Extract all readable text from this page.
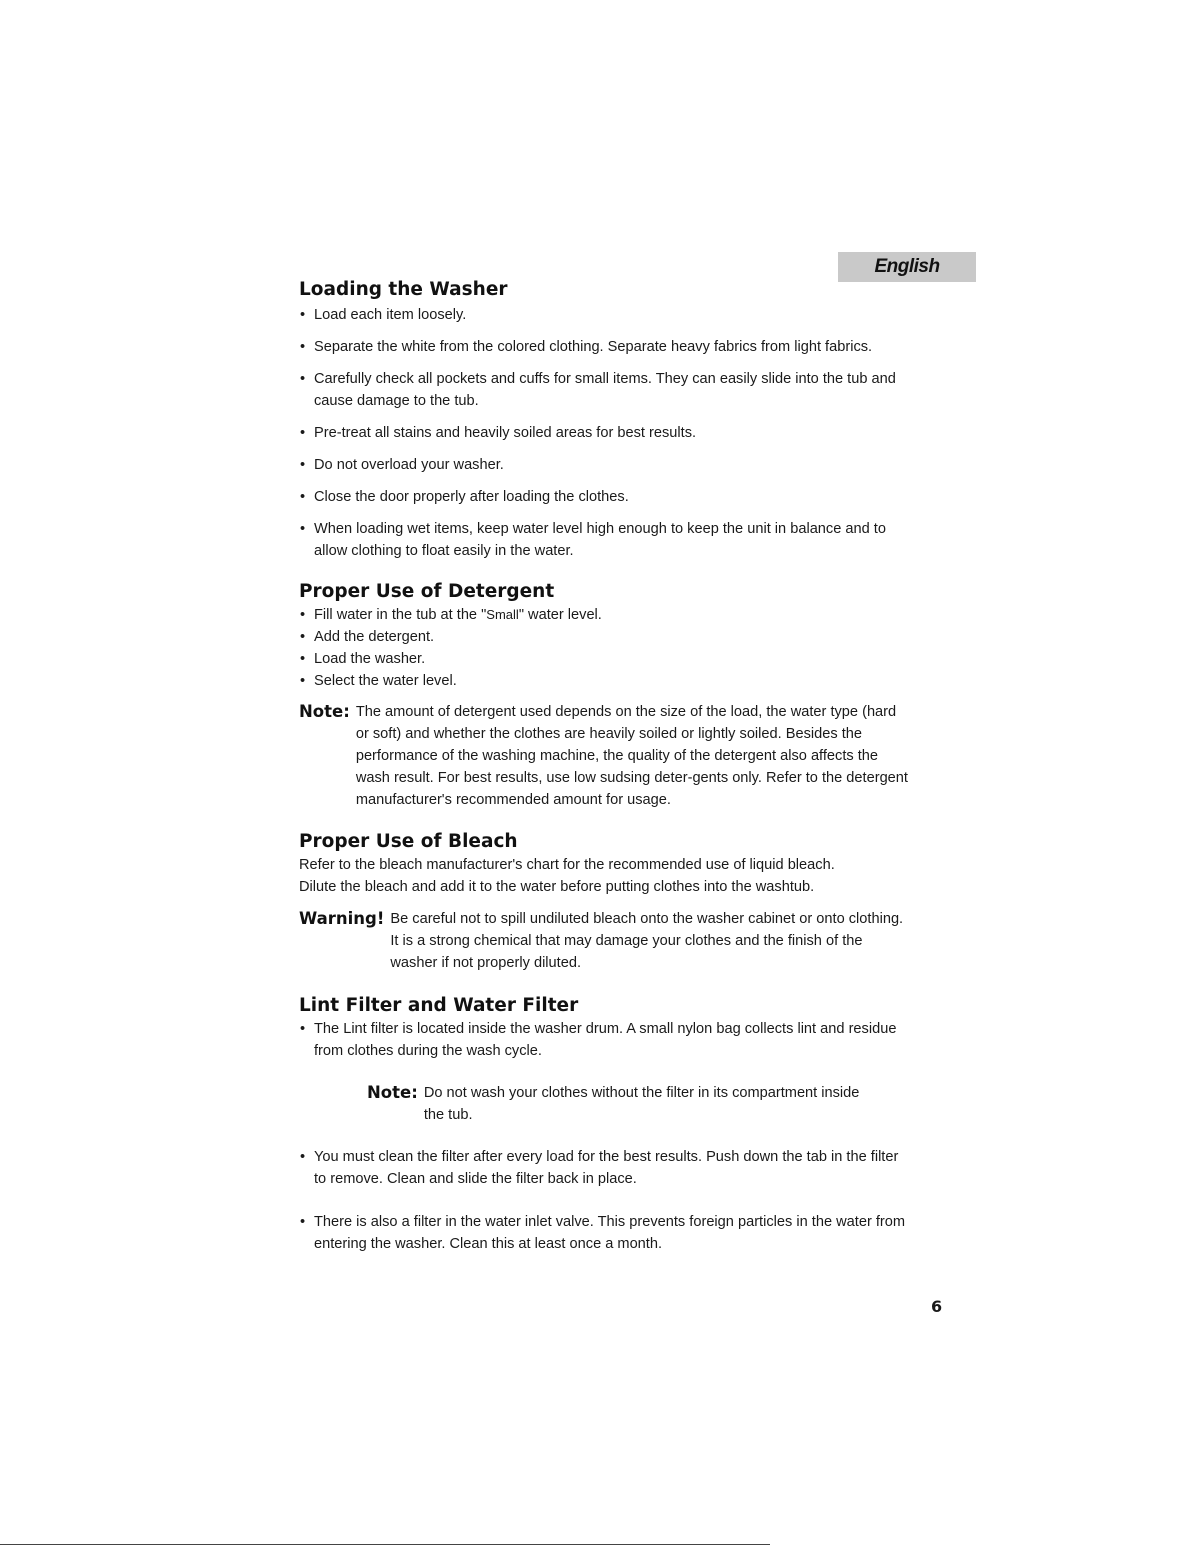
English
Loading the Washer
• Load each item loosely.
• Separate the white from the colored clothing. Separate heavy fabrics from light fabrics.
• Carefully check all pockets and cuffs for small items. They can easily slide into the tub and cause damage to the tub.
• Pre-treat all stains and heavily soiled areas for best results.
• Do not overload your washer.
• Close the door properly after loading the clothes.
• When loading wet items, keep water level high enough to keep the unit in balance and to allow clothing to float easily in the water.
Proper Use of Detergent
• Fill water in the tub at the "Small" water level.
• Add the detergent.
• Load the washer.
• Select the water level.
Note: The amount of detergent used depends on the size of the load, the water type (hard or soft) and whether the clothes are heavily soiled or lightly soiled. Besides the performance of the washing machine, the quality of the detergent also affects the wash result. For best results, use low sudsing deter-gents only. Refer to the detergent manufacturer's recommended amount for usage.
Proper Use of Bleach

Refer to the bleach manufacturer's chart for the recommended use of liquid bleach.

Dilute the bleach and add it to the water before putting clothes into the washtub.

Warning! Be careful not to spill undiluted bleach onto the washer cabinet or onto clothing. It is a strong chemical that may damage your clothes and the finish of the washer if not properly diluted.
Lint Filter and Water Filter
• The Lint filter is located inside the washer drum. A small nylon bag collects lint and residue from clothes during the wash cycle.
Note: Do not wash your clothes without the filter in its compartment inside the tub.
• You must clean the filter after every load for the best results. Push down the tab in the filter to remove. Clean and slide the filter back in place.
• There is also a filter in the water inlet valve. This prevents foreign particles in the water from entering the washer. Clean this at least once a month.
6
